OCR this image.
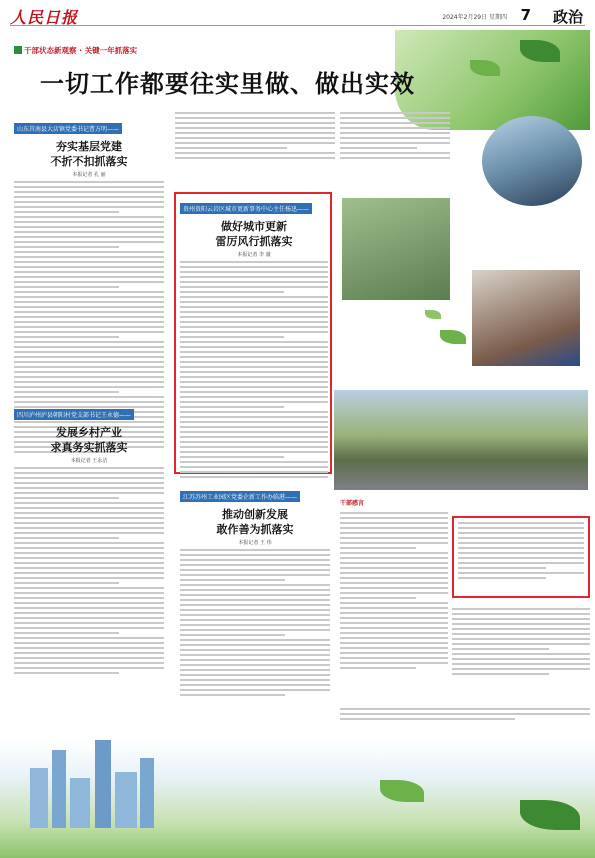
人民日报	2024年2月29日 星期四 7 政治
干部状态新观察 · 关键一年抓落实
一切工作都要往实里做、做出实效
山东莒南县大店镇党委书记曹方明——
夯实基层党建
不折不扣抓落实
本报记者 孔 丽
四川泸州泸县朝阳村党支部书记王永德——
发展乡村产业
求真务实抓落实
本报记者 王永洁
贵州贵阳云岩区城市更新事务中心主任杨迅——
做好城市更新
雷厉风行抓落实
本报记者 李 澈
江苏苏州工业园区党委企新工作办临港——
推动创新发展
敢作善为抓落实
本报记者 王 伟
干部感言
